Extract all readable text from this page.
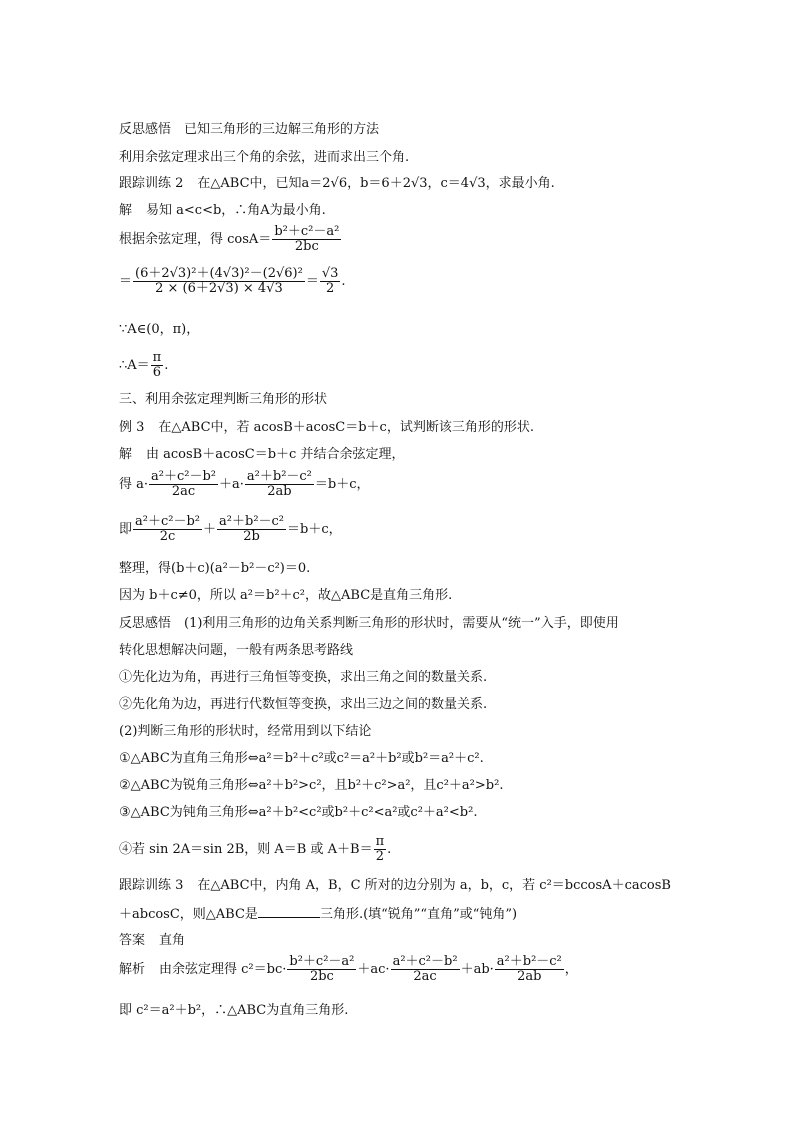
反思感悟　已知三角形的三边解三角形的方法
利用余弦定理求出三个角的余弦，进而求出三个角.
跟踪训练 2 在△ABC中，已知a＝2√6，b＝6＋2√3，c＝4√3，求最小角.
解 易知 a<c<b，∴角A为最小角.
根据余弦定理，得 $\cos A= \frac{\text{b²＋c²－a²}}{2bc}$
＝ $\frac{\text{(6＋2√3)²＋(4√3)²－(2√6)²}}{2 \times (6+2√3) \times 4√3} = \frac{√3}{2}$ .
∵A∈(0，π)，
∴A＝ $\frac{\pi}{6}$ .
三、利用余弦定理判断三角形的形状
例 3 在△ABC中，若 acosB＋acosC＝b＋c，试判断该三角形的形状.
解 由 acosB＋acosC＝b＋c 并结合余弦定理，
得 $a\cdot \frac{\text{a²＋c²－b²}}{2ac} +a\cdot \frac{\text{a²＋b²－c²}}{2ab} =b+c$，
即 $\frac{\text{a²＋c²－b²}}{2c} + \frac{\text{a²＋b²－c²}}{2b} =b+c$，
整理，得(b＋c)(a²－b²－c²)＝0.
因为 b＋c≠0，所以 a²＝b²＋c²，故△ABC是直角三角形.
反思感悟　(1)利用三角形的边角关系判断三角形的形状时，需要从“统一”入手，即使用
转化思想解决问题，一般有两条思考路线
①先化边为角，再进行三角恒等变换，求出三角之间的数量关系.
②先化角为边，再进行代数恒等变换，求出三边之间的数量关系.
(2)判断三角形的形状时，经常用到以下结论
①△ABC为直角三角形⇔a²＝b²＋c²或c²＝a²＋b²或b²＝a²＋c².
②△ABC为锐角三角形⇔a²＋b²>c²，且b²＋c²>a²，且c²＋a²>b².
③△ABC为钝角三角形⇔a²＋b²<c²或b²＋c²<a²或c²＋a²<b².
④若 sin 2A＝sin 2B，则 A＝B 或 $A+B= \frac{\pi}{2}$ .
跟踪训练 3 在△ABC中，内角 A，B，C 所对的边分别为 a，b，c，若 c²＝bccosA＋cacosB
＋abcosC，则△ABC是	三角形.(填“锐角”“直角”或“钝角”)
答案 直角
解析 由余弦定理得 $c^2=bc\cdot \frac{\text{b²＋c²－a²}}{2bc} +ac\cdot \frac{\text{a²＋c²－b²}}{2ac} +ab\cdot \frac{\text{a²＋b²－c²}}{2ab}$ ，
即 c²＝a²＋b²，∴△ABC为直角三角形.
